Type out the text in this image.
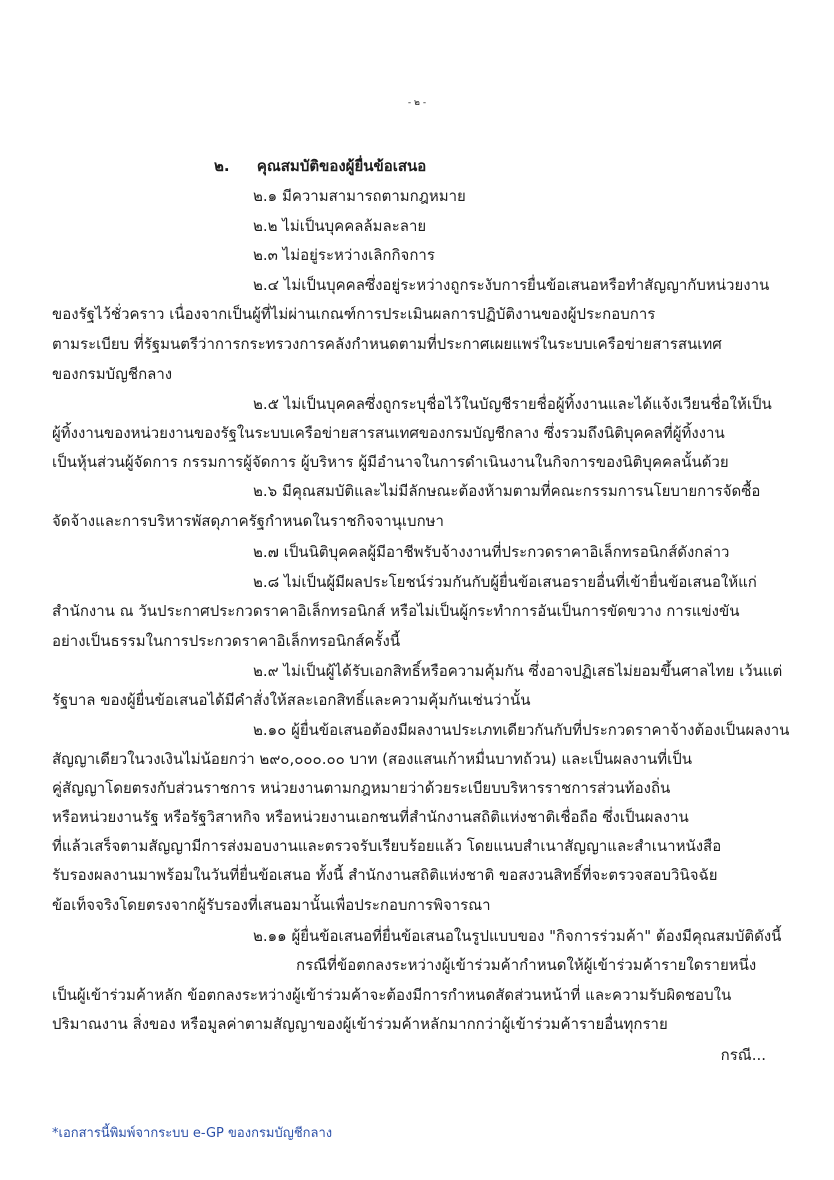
- ๒ -
๒. คุณสมบัติของผู้ยื่นข้อเสนอ
๒.๑ มีความสามารถตามกฎหมาย
๒.๒ ไม่เป็นบุคคลล้มละลาย
๒.๓ ไม่อยู่ระหว่างเลิกกิจการ
๒.๔ ไม่เป็นบุคคลซึ่งอยู่ระหว่างถูกระงับการยื่นข้อเสนอหรือทำสัญญากับหน่วยงาน
ของรัฐไว้ชั่วคราว เนื่องจากเป็นผู้ที่ไม่ผ่านเกณฑ์การประเมินผลการปฏิบัติงานของผู้ประกอบการ
ตามระเบียบ ที่รัฐมนตรีว่าการกระทรวงการคลังกำหนดตามที่ประกาศเผยแพร่ในระบบเครือข่ายสารสนเทศ
ของกรมบัญชีกลาง
๒.๕ ไม่เป็นบุคคลซึ่งถูกระบุชื่อไว้ในบัญชีรายชื่อผู้ทิ้งงานและได้แจ้งเวียนชื่อให้เป็น
ผู้ทิ้งงานของหน่วยงานของรัฐในระบบเครือข่ายสารสนเทศของกรมบัญชีกลาง ซึ่งรวมถึงนิติบุคคลที่ผู้ทิ้งงาน
เป็นหุ้นส่วนผู้จัดการ กรรมการผู้จัดการ ผู้บริหาร ผู้มีอำนาจในการดำเนินงานในกิจการของนิติบุคคลนั้นด้วย
๒.๖ มีคุณสมบัติและไม่มีลักษณะต้องห้ามตามที่คณะกรรมการนโยบายการจัดซื้อ
จัดจ้างและการบริหารพัสดุภาครัฐกำหนดในราชกิจจานุเบกษา
๒.๗ เป็นนิติบุคคลผู้มีอาชีพรับจ้างงานที่ประกวดราคาอิเล็กทรอนิกส์ดังกล่าว
๒.๘ ไม่เป็นผู้มีผลประโยชน์ร่วมกันกับผู้ยื่นข้อเสนอรายอื่นที่เข้ายื่นข้อเสนอให้แก่
สำนักงาน ณ วันประกาศประกวดราคาอิเล็กทรอนิกส์ หรือไม่เป็นผู้กระทำการอันเป็นการขัดขวาง การแข่งขัน
อย่างเป็นธรรมในการประกวดราคาอิเล็กทรอนิกส์ครั้งนี้
๒.๙ ไม่เป็นผู้ได้รับเอกสิทธิ์หรือความคุ้มกัน ซึ่งอาจปฏิเสธไม่ยอมขึ้นศาลไทย เว้นแต่
รัฐบาล ของผู้ยื่นข้อเสนอได้มีคำสั่งให้สละเอกสิทธิ์และความคุ้มกันเช่นว่านั้น
๒.๑๐ ผู้ยื่นข้อเสนอต้องมีผลงานประเภทเดียวกันกับที่ประกวดราคาจ้างต้องเป็นผลงาน
สัญญาเดียวในวงเงินไม่น้อยกว่า ๒๙๐,๐๐๐.๐๐ บาท (สองแสนเก้าหมื่นบาทถ้วน) และเป็นผลงานที่เป็น
คู่สัญญาโดยตรงกับส่วนราชการ หน่วยงานตามกฎหมายว่าด้วยระเบียบบริหารราชการส่วนท้องถิ่น
หรือหน่วยงานรัฐ หรือรัฐวิสาหกิจ หรือหน่วยงานเอกชนที่สำนักงานสถิติแห่งชาติเชื่อถือ ซึ่งเป็นผลงาน
ที่แล้วเสร็จตามสัญญามีการส่งมอบงานและตรวจรับเรียบร้อยแล้ว โดยแนบสำเนาสัญญาและสำเนาหนังสือ
รับรองผลงานมาพร้อมในวันที่ยื่นข้อเสนอ ทั้งนี้ สำนักงานสถิติแห่งชาติ ขอสงวนสิทธิ์ที่จะตรวจสอบวินิจฉัย
ข้อเท็จจริงโดยตรงจากผู้รับรองที่เสนอมานั้นเพื่อประกอบการพิจารณา
๒.๑๑ ผู้ยื่นข้อเสนอที่ยื่นข้อเสนอในรูปแบบของ "กิจการร่วมค้า" ต้องมีคุณสมบัติดังนี้
กรณีที่ข้อตกลงระหว่างผู้เข้าร่วมค้ากำหนดให้ผู้เข้าร่วมค้ารายใดรายหนึ่ง
เป็นผู้เข้าร่วมค้าหลัก ข้อตกลงระหว่างผู้เข้าร่วมค้าจะต้องมีการกำหนดสัดส่วนหน้าที่ และความรับผิดชอบใน
ปริมาณงาน สิ่งของ หรือมูลค่าตามสัญญาของผู้เข้าร่วมค้าหลักมากกว่าผู้เข้าร่วมค้ารายอื่นทุกราย
กรณี...
*เอกสารนี้พิมพ์จากระบบ e-GP ของกรมบัญชีกลาง
